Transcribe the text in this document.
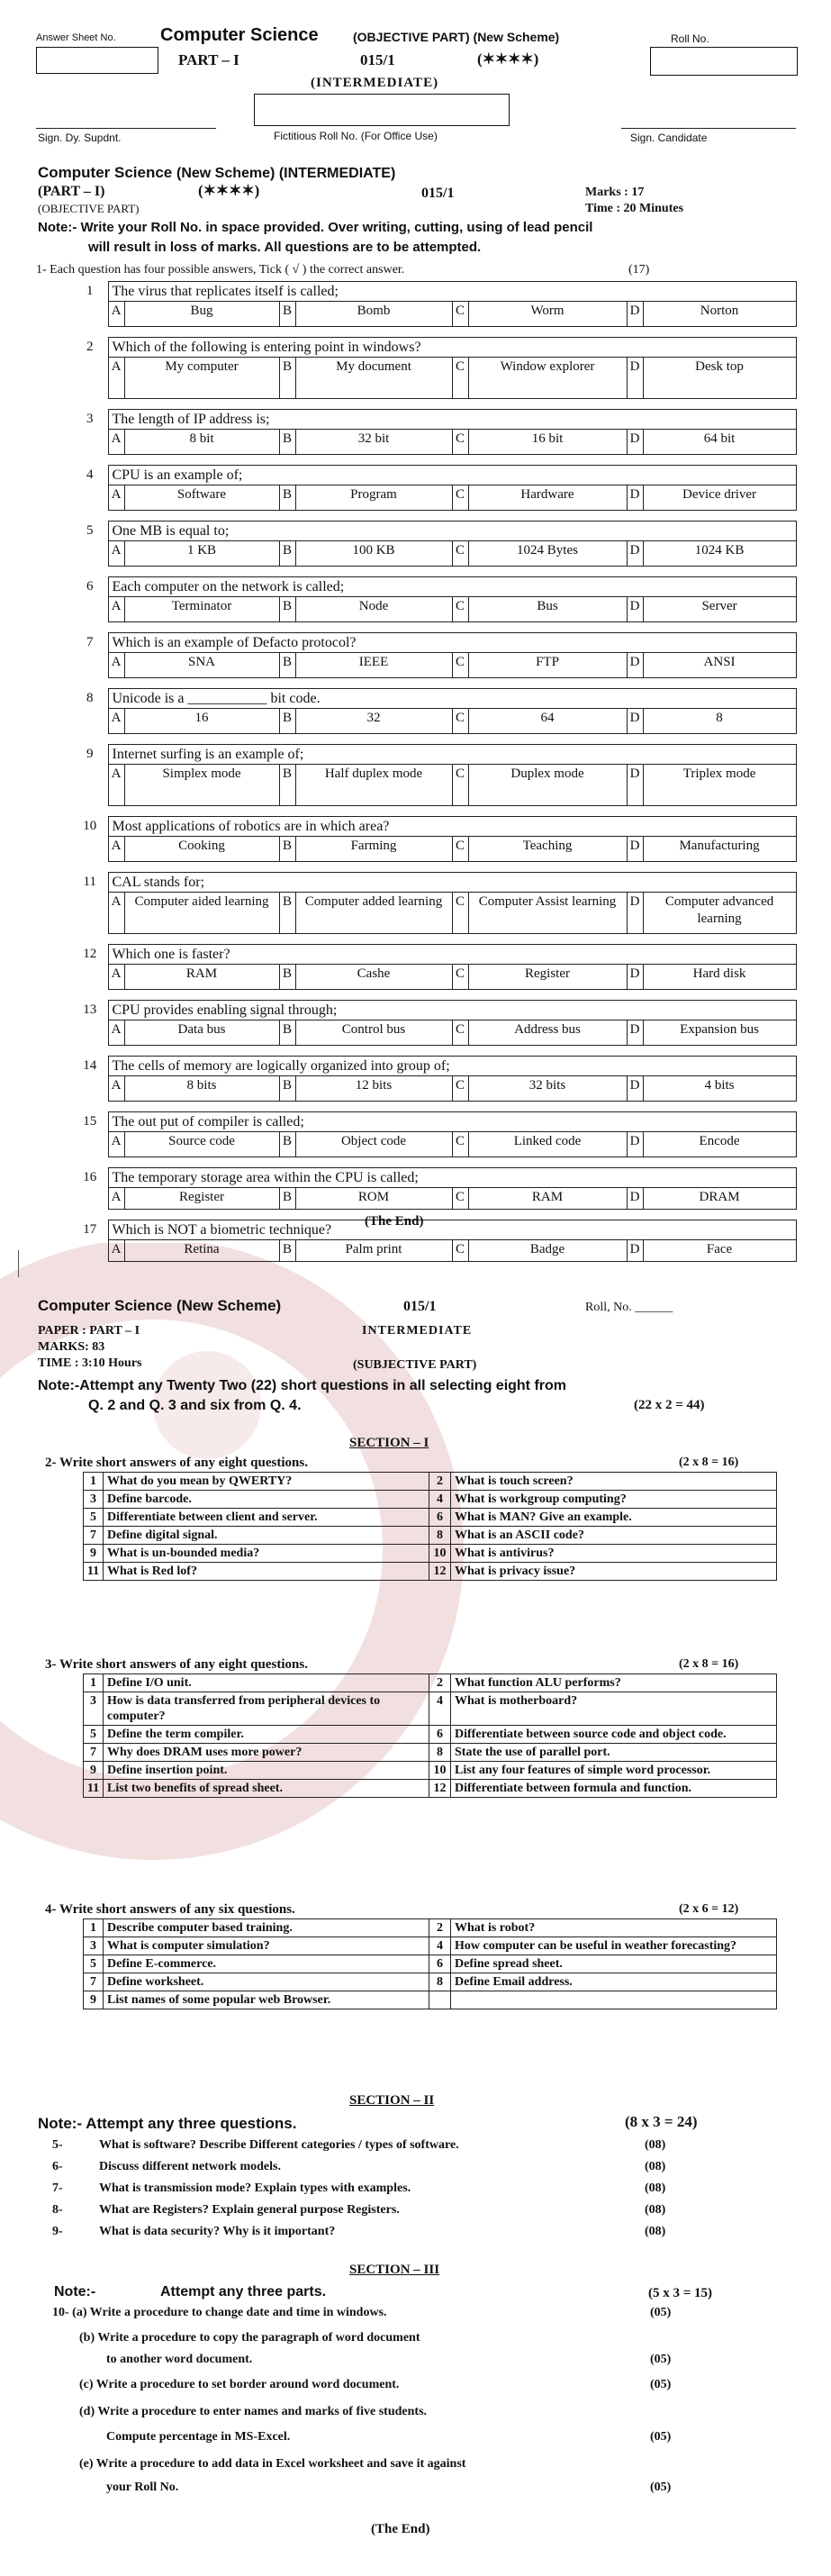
Answer Sheet No. Computer Science	(OBJECTIVE PART) (New Scheme)	Roll No.
PART – I	015/1	(✶✶✶✶)
(INTERMEDIATE)
Sign. Dy. Supdnt.	Fictitious Roll No. (For Office Use)	Sign. Candidate
Computer Science (New Scheme) (INTERMEDIATE)
(PART – I)	(✶✶✶✶)	015/1	Marks : 17
Time : 20 Minutes
(OBJECTIVE PART)
Note:- Write your Roll No. in space provided. Over writing, cutting, using of lead pencil
will result in loss of marks. All questions are to be attempted.
1- Each question has four possible answers, Tick ( √ ) the correct answer.	(17)
1	The virus that replicates itself is called;							
	A	Bug	B	Bomb	C	Worm	D	Norton

2	Which of the following is entering point in windows?							
	A	My computer	B	My document	C	Window explorer	D	Desk top

3	The length of IP address is;							
	A	8 bit	B	32 bit	C	16 bit	D	64 bit

4	CPU is an example of;							
	A	Software	B	Program	C	Hardware	D	Device driver

5	One MB is equal to;							
	A	1 KB	B	100 KB	C	1024 Bytes	D	1024 KB

6	Each computer on the network is called;							
	A	Terminator	B	Node	C	Bus	D	Server

7	Which is an example of Defacto protocol?							
	A	SNA	B	IEEE	C	FTP	D	ANSI

8	Unicode is a ___________ bit code.							
	A	16	B	32	C	64	D	8

9	Internet surfing is an example of;							
	A	Simplex mode	B	Half duplex mode	C	Duplex mode	D	Triplex mode

10	Most applications of robotics are in which area?							
	A	Cooking	B	Farming	C	Teaching	D	Manufacturing

11	CAL stands for;							
	A	Computer aided learning	B	Computer added learning	C	Computer Assist learning	D	Computer advanced learning

12	Which one is faster?							
	A	RAM	B	Cashe	C	Register	D	Hard disk

13	CPU provides enabling signal through;							
	A	Data bus	B	Control bus	C	Address bus	D	Expansion bus

14	The cells of memory are logically organized into group of;							
	A	8 bits	B	12 bits	C	32 bits	D	4 bits

15	The out put of compiler is called;							
	A	Source code	B	Object code	C	Linked code	D	Encode

16	The temporary storage area within the CPU is called;							
	A	Register	B	ROM	C	RAM	D	DRAM

17	Which is NOT a biometric technique?							
	A	Retina	B	Palm print	C	Badge	D	Face

(The End)
Computer Science (New Scheme)	015/1	Roll, No. ______
PAPER : PART – I	INTERMEDIATE
MARKS: 83
TIME : 3:10 Hours	(SUBJECTIVE PART)
Note:-Attempt any Twenty Two (22) short questions in all selecting eight from
Q. 2 and Q. 3 and six from Q. 4.	(22 x 2 = 44)
SECTION – I
2- Write short answers of any eight questions.	(2 x 8 = 16)
1	What do you mean by QWERTY?	2	What is touch screen?
3	Define barcode.	4	What is workgroup computing?
5	Differentiate between client and server.	6	What is MAN? Give an example.
7	Define digital signal.	8	What is an ASCII code?
9	What is un-bounded media?	10	What is antivirus?
11	What is Red lof?	12	What is privacy issue?
3- Write short answers of any eight questions.	(2 x 8 = 16)
1	Define I/O unit.	2	What function ALU performs?
3	How is data transferred from peripheral devices to computer?	4	What is motherboard?
5	Define the term compiler.	6	Differentiate between source code and object code.
7	Why does DRAM uses more power?	8	State the use of parallel port.
9	Define insertion point.	10	List any four features of simple word processor.
11	List two benefits of spread sheet.	12	Differentiate between formula and function.
4- Write short answers of any six questions.	(2 x 6 = 12)
1	Describe computer based training.	2	What is robot?
3	What is computer simulation?	4	How computer can be useful in weather forecasting?
5	Define E-commerce.	6	Define spread sheet.
7	Define worksheet.	8	Define Email address.
9	List names of some popular web Browser.		
SECTION – II
Note:- Attempt any three questions.	(8 x 3 = 24)
5-	What is software? Describe Different categories / types of software.	(08)
6-	Discuss different network models.	(08)
7-	What is transmission mode? Explain types with examples.	(08)
8-	What are Registers? Explain general purpose Registers.	(08)
9-	What is data security? Why is it important?	(08)
SECTION – III
Note:-	Attempt any three parts.	(5 x 3 = 15)
10- (a) Write a procedure to change date and time in windows.	(05)
(b) Write a procedure to copy the paragraph of word document
to another word document.	(05)
(c) Write a procedure to set border around word document.	(05)
(d) Write a procedure to enter names and marks of five students.
Compute percentage in MS-Excel.	(05)
(e) Write a procedure to add data in Excel worksheet and save it against
your Roll No.	(05)
(The End)
